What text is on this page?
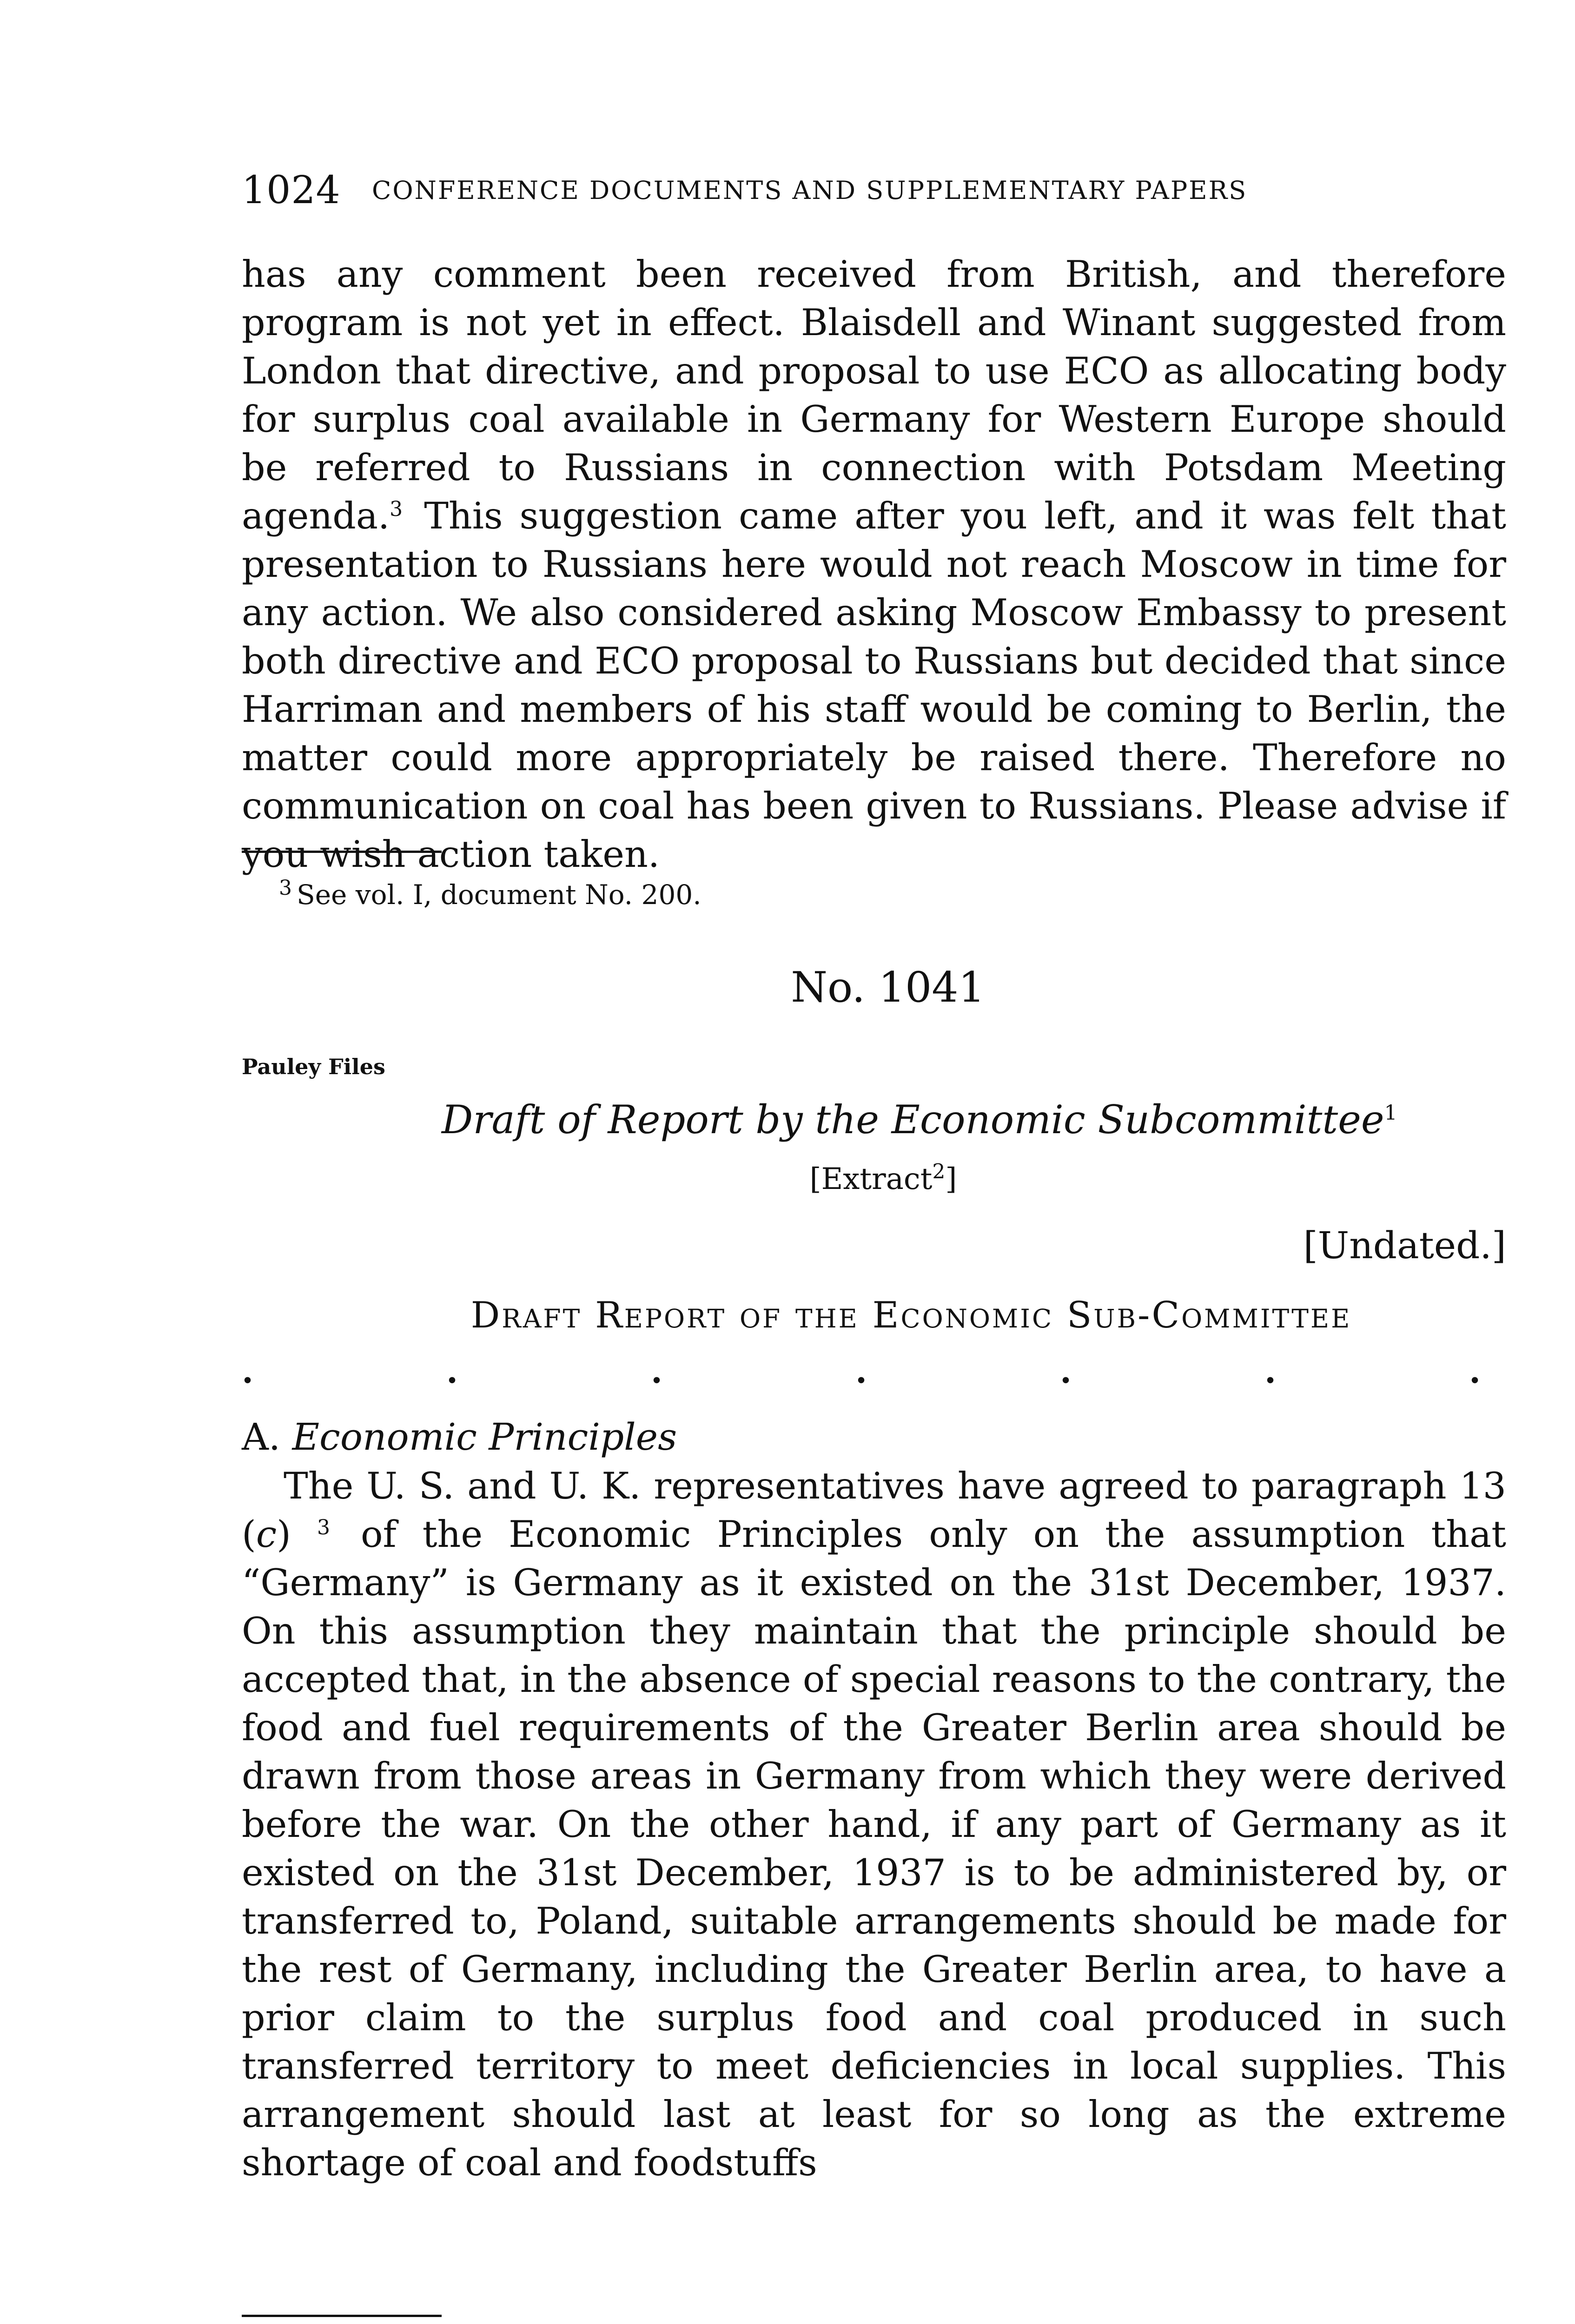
1024 CONFERENCE DOCUMENTS AND SUPPLEMENTARY PAPERS

has any comment been received from British, and therefore program is not yet in effect. Blaisdell and Winant suggested from London that directive, and proposal to use ECO as allocating body for surplus coal available in Germany for Western Europe should be referred to Russians in connection with Potsdam Meeting agenda.$^3$ This suggestion came after you left, and it was felt that presentation to Russians here would not reach Moscow in time for any action. We also considered asking Moscow Embassy to present both directive and ECO proposal to Russians but decided that since Harriman and members of his staff would be coming to Berlin, the matter could more appropriately be raised there. Therefore no communication on coal has been given to Russians. Please advise if you wish action taken.

$^3$ See vol. I, document No. 200.
No. 1041
Pauley Files
Draft of Report by the Economic Subcommittee$^1$
[Extract$^2$]
[Undated.]
Draft Report of the Economic Sub-Committee
.	.	.	.	.	.	.
A. Economic Principles

The U. S. and U. K. representatives have agreed to paragraph 13 (c) $^3$ of the Economic Principles only on the assumption that “Germany” is Germany as it existed on the 31st December, 1937. On this assumption they maintain that the principle should be accepted that, in the absence of special reasons to the contrary, the food and fuel requirements of the Greater Berlin area should be drawn from those areas in Germany from which they were derived before the war. On the other hand, if any part of Germany as it existed on the 31st December, 1937 is to be administered by, or transferred to, Poland, suitable arrangements should be made for the rest of Germany, including the Greater Berlin area, to have a prior claim to the surplus food and coal produced in such transferred territory to meet deficiencies in local supplies. This arrangement should last at least for so long as the extreme shortage of coal and foodstuffs
